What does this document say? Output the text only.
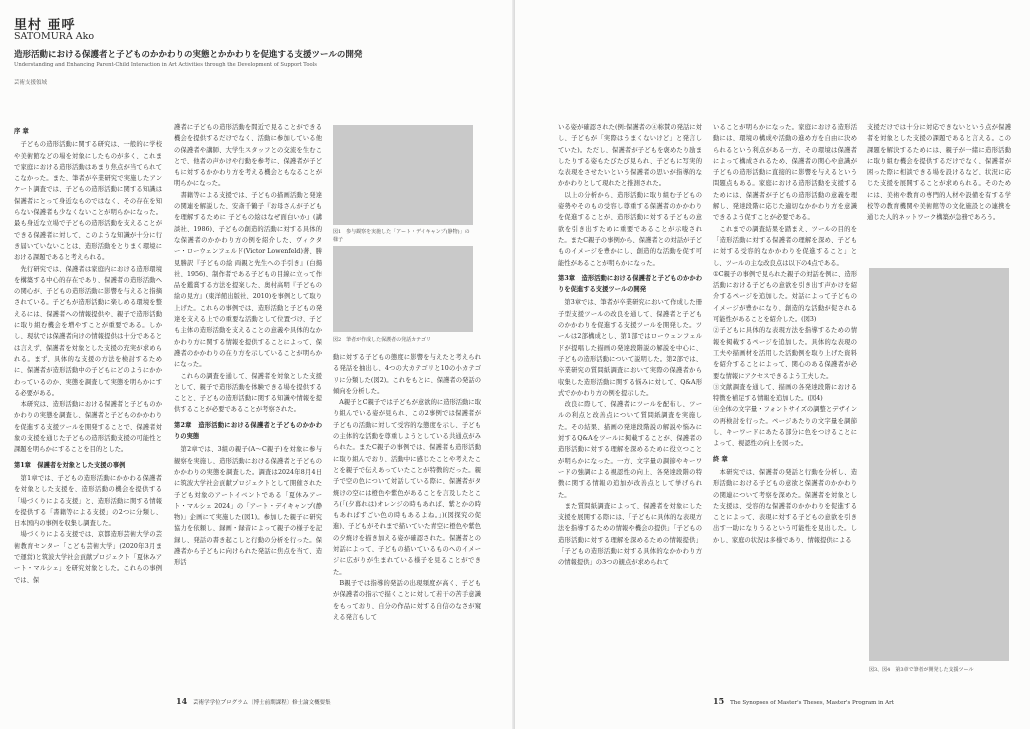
里村 亜呼
SATOMURA Ako
造形活動における保護者と子どものかかわりの実態とかかわりを促進する支援ツールの開発
Understanding and Enhancing Parent-Child Interaction in Art Activities through the Development of Support Tools
芸術支援領域

序 章

　子どもの造形活動に関する研究は、一般的に学校や美術館などの場を対象にしたものが多く、これまで家庭における造形活動はあまり焦点が当てられてこなかった。また、筆者が卒業研究で実施したアンケート調査では、子どもの造形活動に関する知識は保護者にとって身近なものではなく、その存在を知らない保護者も少なくないことが明らかになった。最も身近な立場で子どもの造形活動を支えることができる保護者に対して、このような知識が十分に行き届いていないことは、造形活動をとりまく環境における課題であると考えられる。

　先行研究では、保護者は家庭内における造形環境を構築する中心的存在であり、保護者の造形活動への関心が、子どもの造形活動に影響を与えると指摘されている。子どもが造形活動に楽しめる環境を整えるには、保護者への情報提供や、親子で造形活動に取り組む機会を増やすことが重要である。しかし、現状では保護者向けの情報提供は十分であるとは言えず、保護者を対象とした支援の充実が求められる。まず、具体的な支援の方法を検討するために、保護者が造形活動中の子どもにどのようにかかわっているのか、実態を調査して実態を明らかにする必要がある。

　本研究は、造形活動における保護者と子どものかかわりの実態を調査し、保護者と子どものかかわりを促進する支援ツールを開発することで、保護者対象の支援を通じた子どもの造形活動支援の可能性と課題を明らかにすることを目的とした。

第1章　保護者を対象とした支援の事例

　第1章では、子どもの造形活動にかかわる保護者を対象とした支援を、造形活動の機会を提供する「場づくりによる支援」と、造形活動に関する情報を提供する「書籍等による支援」の2つに分類し、日本国内の事例を収集し調査した。

　場づくりによる支援では、京都造形芸術大学の芸術教育センター「こども芸術大学」(2020年3月まで運営)と筑波大学社会貢献プロジェクト「夏休みアート・マルシェ」を研究対象とした。これらの事例では、保

護者に子どもの造形活動を間近で見ることができる機会を提供するだけでなく、活動に参加している他の保護者や講師、大学生スタッフとの交流を生むことで、他者の声かけや行動を参考に、保護者が子どもに対するかかわり方を考える機会ともなることが明らかになった。

　書籍等による支援では、子どもの描画活動と発達の関連を解説した、安斎千鶴子『お母さんが子どもを理解するために 子どもの絵はなぜ面白いか』(講談社、1986)、子どもの創造的活動に対する具体的な保護者のかかわり方の例を紹介した、ヴィクター・ローウェンフェルド(Victor Lowenfeld)著、勝見勝訳『子どもの絵 両親と先生への手引き』(白揚社、1956)、制作者である子どもの目線に立って作品を鑑賞する方法を提案した、奥村高明『子どもの絵の見方』(東洋館出版社、2010)を事例として取り上げた。これらの事例では、造形活動と子どもの発達を支える上での重要な活動として位置づけ、子ども主体の造形活動を支えることの意義や具体的なかかわり方に関する情報を提供することによって、保護者のかかわりの在り方を示していることが明らかになった。

　これらの調査を通して、保護者を対象とした支援として、親子で造形活動を体験できる場を提供することと、子どもの造形活動に関する知識や情報を提供することが必要であることが考察された。

第2章　造形活動における保護者と子どものかかわりの実態

　第2章では、3組の親子(A～C親子)を対象に参与観察を実施し、造形活動における保護者と子どものかかわりの実態を調査した。調査は2024年8月4日に筑波大学社会貢献プロジェクトとして開催された子ども対象のアートイベントである「夏休みアート・マルシェ 2024」の「アート・デイキャンプ(静物)」企画にて実施した(図1)。参加した親子に研究協力を依頼し、録画・録音によって親子の様子を記録し、発話の書き起こしと行動の分析を行った。保護者から子どもに向けられた発話に焦点を当て、造形活

図1　参与観察を実施した「アート・デイキャンプ(静物)」の様子
図2　筆者が作成した保護者の発話カテゴリ

動に対する子どもの態度に影響を与えたと考えられる発話を抽出し、4つの大カテゴリと10の小カテゴリに分類した(図2)。これをもとに、保護者の発話の傾向を分析した。

　A親子とC親子では子どもが意欲的に造形活動に取り組んでいる姿が見られ、この2事例では保護者が子どもの活動に対して受容的な態度を示し、子どもの主体的な活動を尊重しようとしている共通点がみられた。またC親子の事例では、保護者も造形活動に取り組んでおり、活動中に感じたことや考えたことを親子で伝えあっていたことが特徴的だった。親子で空の色について対話している際に、保護者がタ焼けの空には橙色や紫色があることを言及したところ(「(夕暮れは)オレンジの時もあれば、紫とかの時もあればすごい色の時もあるよね。」)(図探究の促進)、子どもがそれまで描いていた青空に橙色や紫色の夕焼けを描き加える姿が確認された。保護者との対話によって、子どもの描いているものへのイメージに広がりが生まれている様子を見ることができた。

　B親子では指導的発話の出現頻度が高く、子どもが保護者の指示で描くことに対して若干の苦手意識をもっており、自分の作品に対する自信のなさが窺える発言もして

14 芸術学学位プログラム〔博士前期課程〕修士論文概要集

いる姿が確認された(例:保護者の④称賛の発話に対し、子どもが「実際はうまくないけど」と発言していた)。ただし、保護者が子どもを褒めたり励ましたりする姿もたびたび見られ、子どもに写実的な表現をさせたいという保護者の思いが指導的なかかわりとして現れたと推測された。

　以上の分析から、造形活動に取り組む子どもの姿勢やそのもの受容し尊重する保護者のかかわりを促進することが、造形活動に対する子どもの意欲を引き出すために重要であることが示唆された。またC親子の事例から、保護者との対話が子どものイメージを豊かにし、創造的な活動を促す可能性があることが明らかになった。

第3章　造形活動における保護者と子どものかかわりを促進する支援ツールの開発

　第3章では、筆者が卒業研究において作成した冊子型支援ツールの改良を通して、保護者と子どものかかわりを促進する支援ツールを開発した。ツールは2部構成とし、第1部ではローウェンフェルドが提唱した描画の発達段階説の解説を中心に、子どもの造形活動について説明した。第2部では、卒業研究の質問紙調査において実際の保護者から収集した造形活動に関する悩みに対して、Q&A形式でかかわり方の例を提示した。

　改良に際して、保護者にツールを配布し、ツールの利点と改善点について質問紙調査を実施した。その結果、描画の発達段階説の解説や悩みに対するQ&Aをツールに掲載することが、保護者の造形活動に対する理解を深めるために役立つことが明らかになった。一方、文字量の調節やキーワードの強調による視認性の向上、各発達段階の特徴に関する情報の追加が改善点として挙げられた。

　また質問紙調査によって、保護者を対象にした支援を展開する際には、「子どもに具体的な表現方法を指導するための情報や機会の提供」「子どもの造形活動に対する理解を深めるための情報提供」「子どもの造形活動に対する具体的なかかわり方の情報提供」の3つの観点が求められて

いることが明らかになった。家庭における造形活動には、環境の構成や活動の進め方を自由に決められるという利点がある一方、その環境は保護者によって構成されるため、保護者の関心や意識が子どもの造形活動に直接的に影響を与えるという問題点もある。家庭における造形活動を支援するためには、保護者が子どもの造形活動の意義を理解し、発達段階に応じた適切なかかわり方を意識できるよう促すことが必要である。

　これまでの調査結果を踏まえ、ツールの目的を「造形活動に対する保護者の理解を深め、子どもに対する受容的なかかわりを促進すること」とし、ツールの主な改良点は以下の4点である。

①C親子の事例で見られた親子の対話を例に、造形活動における子どもの意欲を引き出す声かけを紹介するページを追加した。対話によって子どものイメージが豊かになり、創造的な活動が促される可能性があることを紹介した。(図3)

②子どもに具体的な表現方法を指導するための情報を掲載するページを追加した。具体的な表現の工夫や描画材を活用した活動例を取り上げた資料を紹介することによって、関心のある保護者が必要な情報にアクセスできるよう工夫した。

③文献調査を通して、描画の各発達段階における特徴を補足する情報を追加した。(図4)

④全体の文字量・フォントサイズの調整とデザインの再検討を行った。ページあたりの文字量を調節し、キーワードにあたる部分に色をつけることによって、視認性の向上を図った。

終 章

　本研究では、保護者の発話と行動を分析し、造形活動における子どもの意欲と保護者のかかわりの関連について考察を深めた。保護者を対象とした支援は、受容的な保護者のかかわりを促進することによって、表現に対する子どもの意欲を引き出す一助になりうるという可能性を見出した。しかし、家庭の状況は多様であり、情報提供による

支援だけでは十分に対応できないという点が保護者を対象とした支援の課題であると言える。この課題を解決するためには、親子が一緒に造形活動に取り組む機会を提供するだけでなく、保護者が困った際に相談できる場を設けるなど、状況に応じた支援を展開することが求められる。そのためには、美術や教育の専門的人材や設備を有する学校等の教育機関や美術館等の文化施設との連携を通じた人的ネットワーク構築が急務であろう。

図3、図4　第3章で筆者が開発した支援ツール
15 The Synopses of Master's Theses, Master's Program in Art
